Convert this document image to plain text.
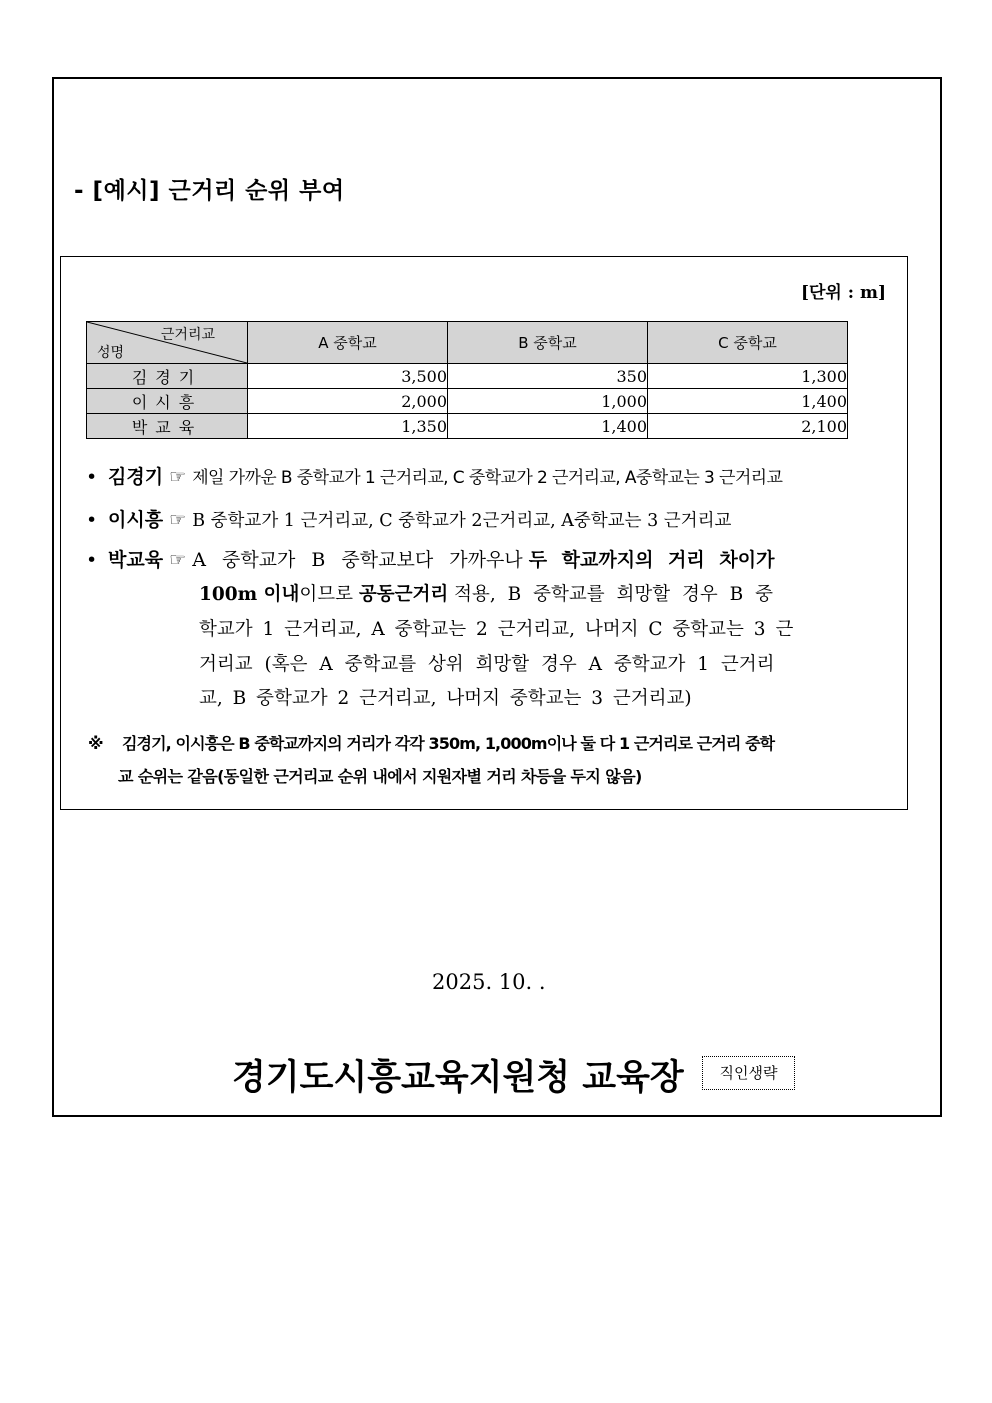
- [예시] 근거리 순위 부여
[단위 : m]
근거리교
성명	A 중학교	B 중학교	C 중학교
김경기	3,500	350	1,300
이시흥	2,000	1,000	1,400
박교육	1,350	1,400	2,100
• 김경기 ☞ 제일 가까운 B 중학교가 1 근거리교, C 중학교가 2 근거리교, A중학교는 3 근거리교
• 이시흥 ☞ B 중학교가 1 근거리교, C 중학교가 2근거리교, A중학교는 3 근거리교
• 박교육 ☞ A 중학교가 B 중학교보다 가까우나 두 학교까지의 거리 차이가
100m 이내이므로 공동근거리 적용, B 중학교를 희망할 경우 B 중
학교가 1 근거리교, A 중학교는 2 근거리교, 나머지 C 중학교는 3 근
거리교 (혹은 A 중학교를 상위 희망할 경우 A 중학교가 1 근거리
교, B 중학교가 2 근거리교, 나머지 중학교는 3 근거리교)
※ 김경기, 이시흥은 B 중학교까지의 거리가 각각 350m, 1,000m이나 둘 다 1 근거리로 근거리 중학
교 순위는 같음(동일한 근거리교 순위 내에서 지원자별 거리 차등을 두지 않음)
2025. 10. .
경기도시흥교육지원청 교육장	직인생략
